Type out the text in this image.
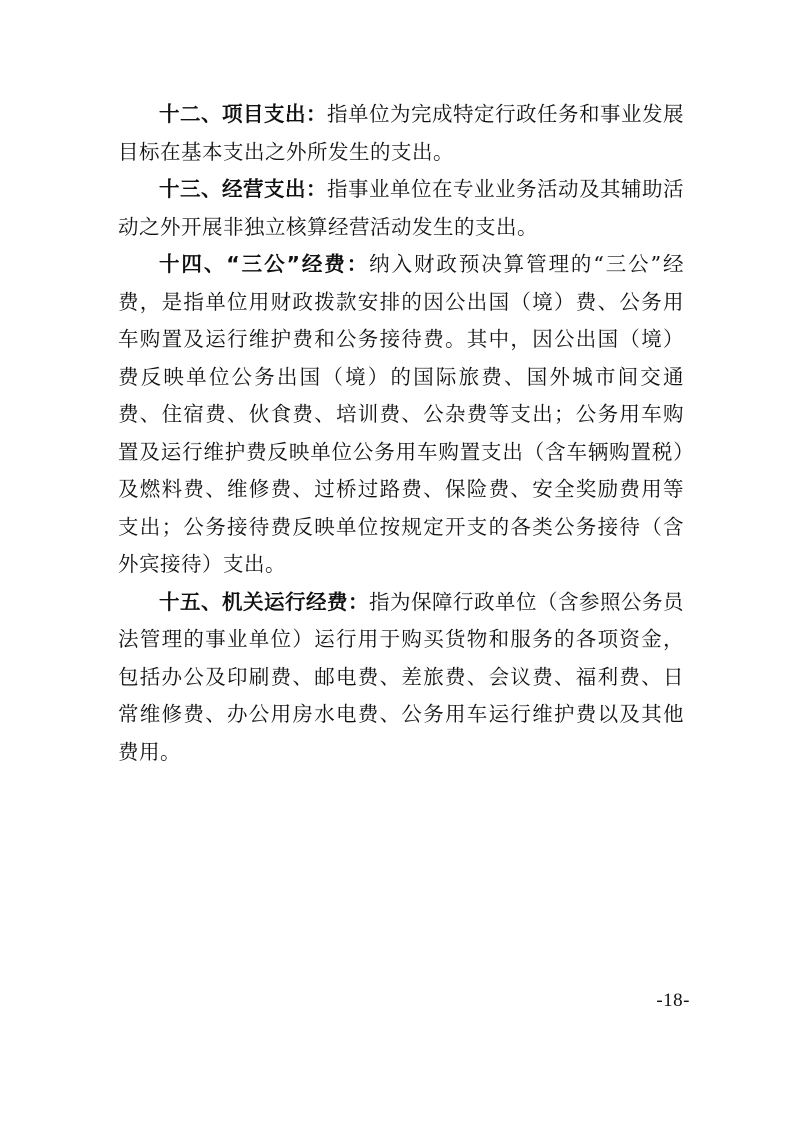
十二、项目支出：指单位为完成特定行政任务和事业发展目标在基本支出之外所发生的支出。

十三、经营支出：指事业单位在专业业务活动及其辅助活动之外开展非独立核算经营活动发生的支出。

十四、“三公”经费：纳入财政预决算管理的“三公”经费，是指单位用财政拨款安排的因公出国（境）费、公务用车购置及运行维护费和公务接待费。其中，因公出国（境）费反映单位公务出国（境）的国际旅费、国外城市间交通费、住宿费、伙食费、培训费、公杂费等支出；公务用车购置及运行维护费反映单位公务用车购置支出（含车辆购置税）及燃料费、维修费、过桥过路费、保险费、安全奖励费用等支出；公务接待费反映单位按规定开支的各类公务接待（含外宾接待）支出。

十五、机关运行经费：指为保障行政单位（含参照公务员法管理的事业单位）运行用于购买货物和服务的各项资金，包括办公及印刷费、邮电费、差旅费、会议费、福利费、日常维修费、办公用房水电费、公务用车运行维护费以及其他费用。

-18-
